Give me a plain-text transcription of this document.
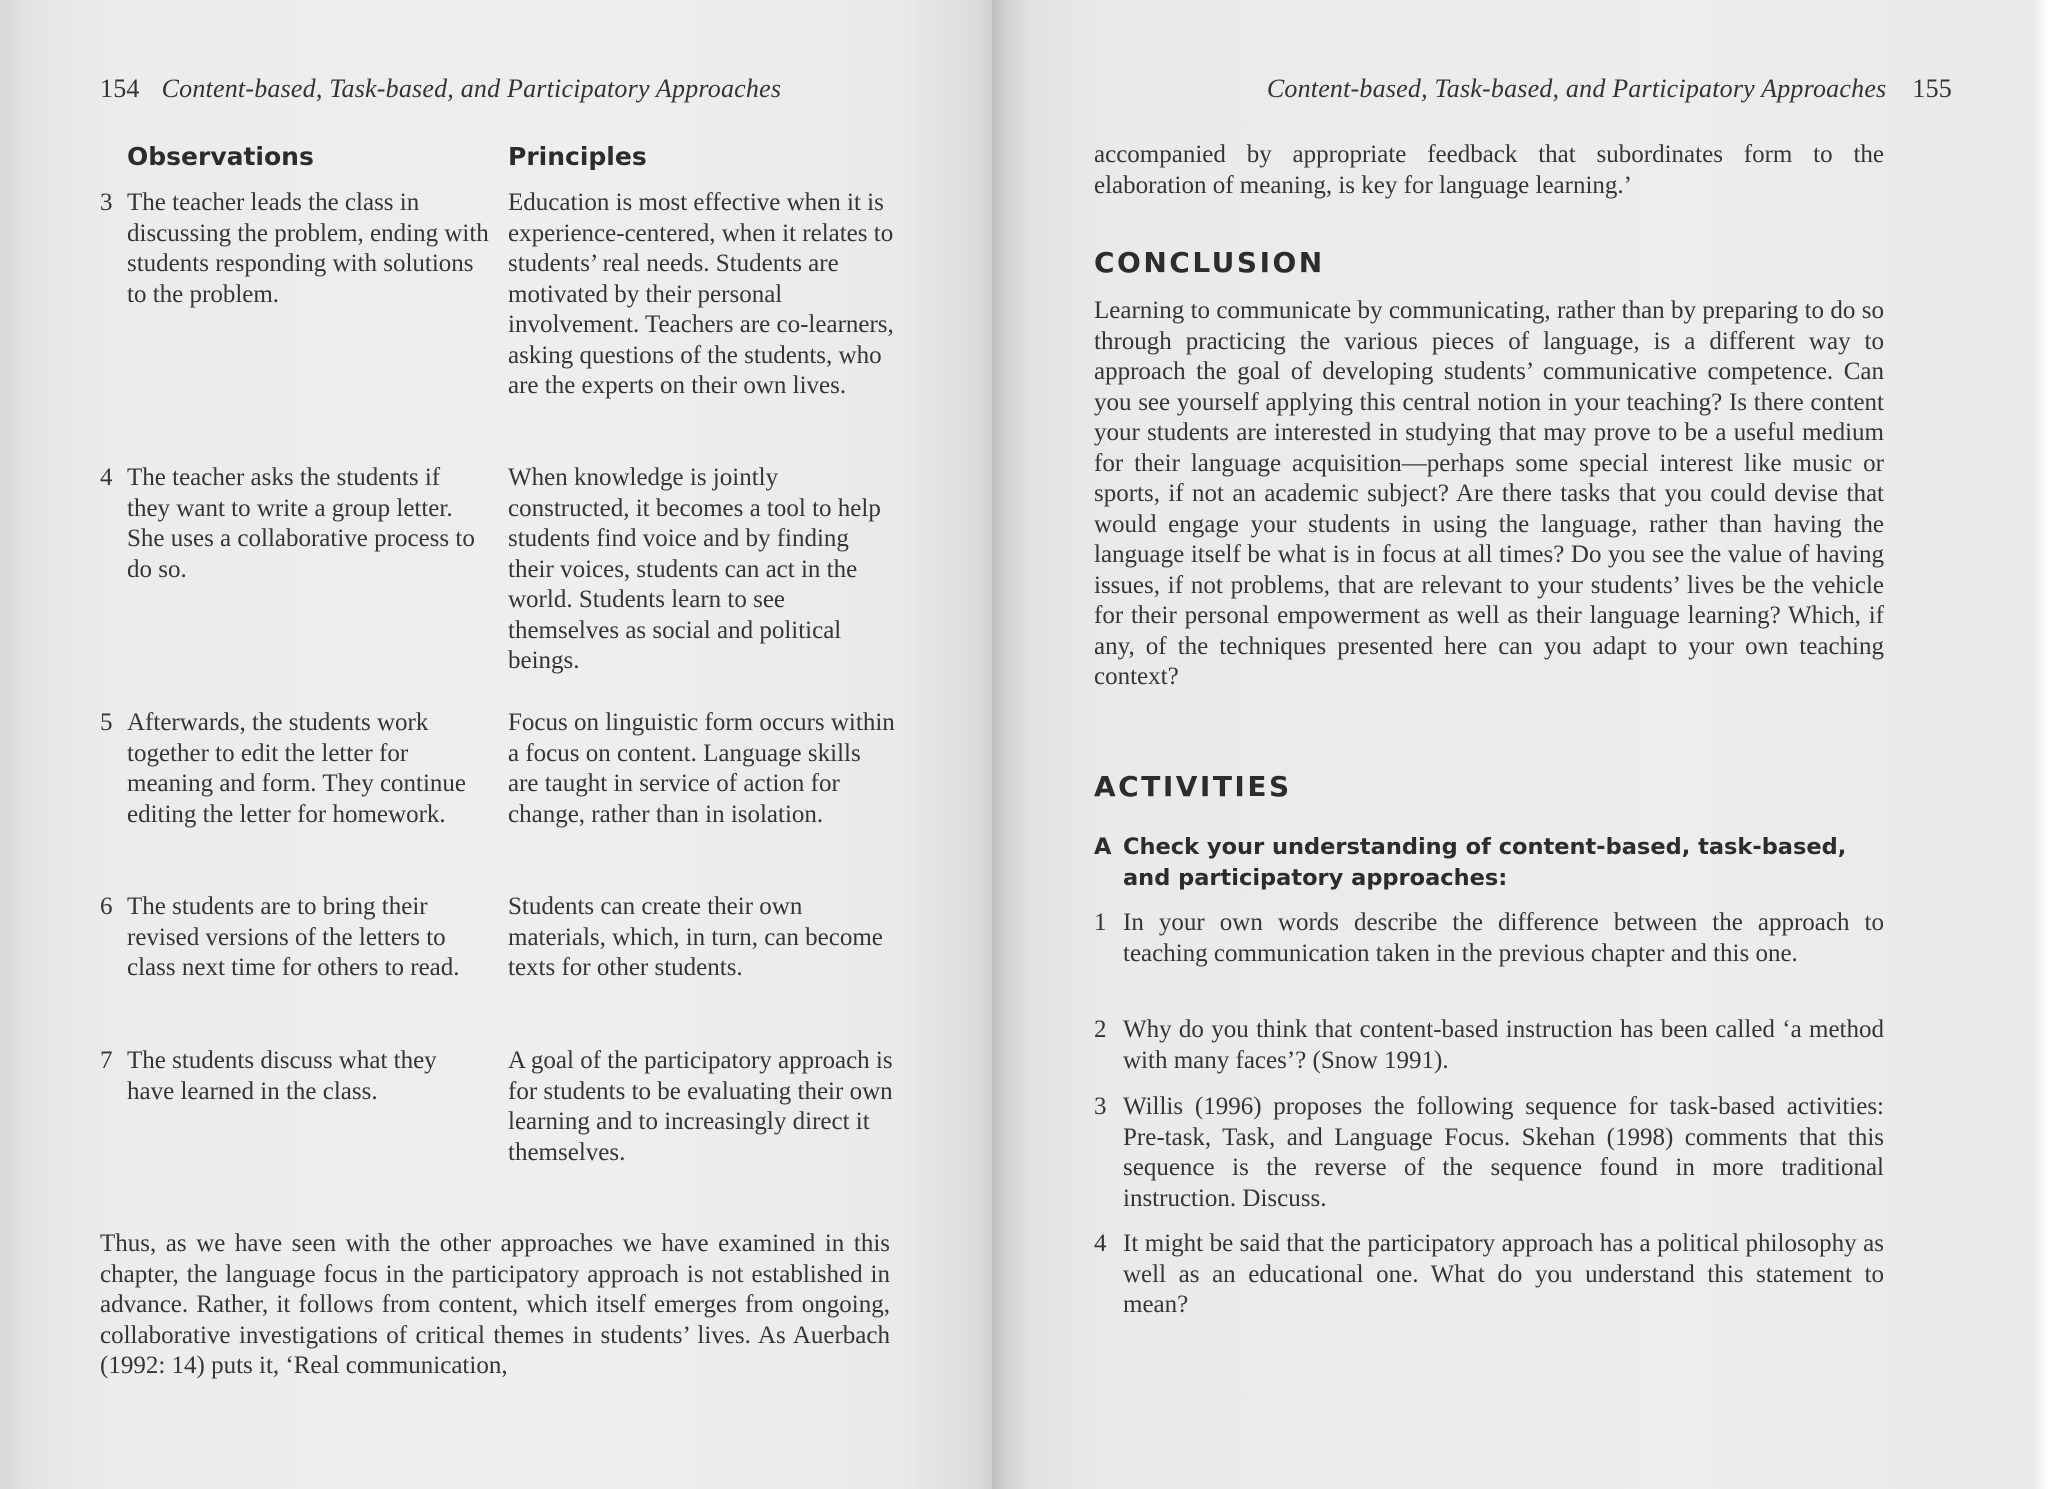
154 Content-based, Task-based, and Participatory Approaches
Observations	Principles
3 The teacher leads the class in discussing the problem, ending with students responding with solutions to the problem.
Education is most effective when it is experience-centered, when it relates to students’ real needs. Students are motivated by their personal involvement. Teachers are co-learners, asking questions of the students, who are the experts on their own lives.
4 The teacher asks the students if they want to write a group letter. She uses a collaborative process to do so.
When knowledge is jointly constructed, it becomes a tool to help students find voice and by finding their voices, students can act in the world. Students learn to see themselves as social and political beings.
5 Afterwards, the students work together to edit the letter for meaning and form. They continue editing the letter for homework.
Focus on linguistic form occurs within a focus on content. Language skills are taught in service of action for change, rather than in isolation.
6 The students are to bring their revised versions of the letters to class next time for others to read.
Students can create their own materials, which, in turn, can become texts for other students.
7 The students discuss what they have learned in the class.
A goal of the participatory approach is for students to be evaluating their own learning and to increasingly direct it themselves.
Thus, as we have seen with the other approaches we have examined in this chapter, the language focus in the participatory approach is not established in advance. Rather, it follows from content, which itself emerges from ongoing, collaborative investigations of critical themes in students’ lives. As Auerbach (1992: 14) puts it, ‘Real communication,
Content-based, Task-based, and Participatory Approaches 155
accompanied by appropriate feedback that subordinates form to the elaboration of meaning, is key for language learning.’
CONCLUSION
Learning to communicate by communicating, rather than by preparing to do so through practicing the various pieces of language, is a different way to approach the goal of developing students’ communicative competence. Can you see yourself applying this central notion in your teaching? Is there content your students are interested in studying that may prove to be a useful medium for their language acquisition—perhaps some special interest like music or sports, if not an academic subject? Are there tasks that you could devise that would engage your students in using the language, rather than having the language itself be what is in focus at all times? Do you see the value of having issues, if not problems, that are relevant to your students’ lives be the vehicle for their personal empowerment as well as their language learning? Which, if any, of the techniques presented here can you adapt to your own teaching context?
ACTIVITIES
A Check your understanding of content-based, task-based, and participatory approaches:
1 In your own words describe the difference between the approach to teaching communication taken in the previous chapter and this one.
2 Why do you think that content-based instruction has been called ‘a method with many faces’? (Snow 1991).
3 Willis (1996) proposes the following sequence for task-based activities: Pre-task, Task, and Language Focus. Skehan (1998) comments that this sequence is the reverse of the sequence found in more traditional instruction. Discuss.
4 It might be said that the participatory approach has a political philosophy as well as an educational one. What do you understand this statement to mean?
